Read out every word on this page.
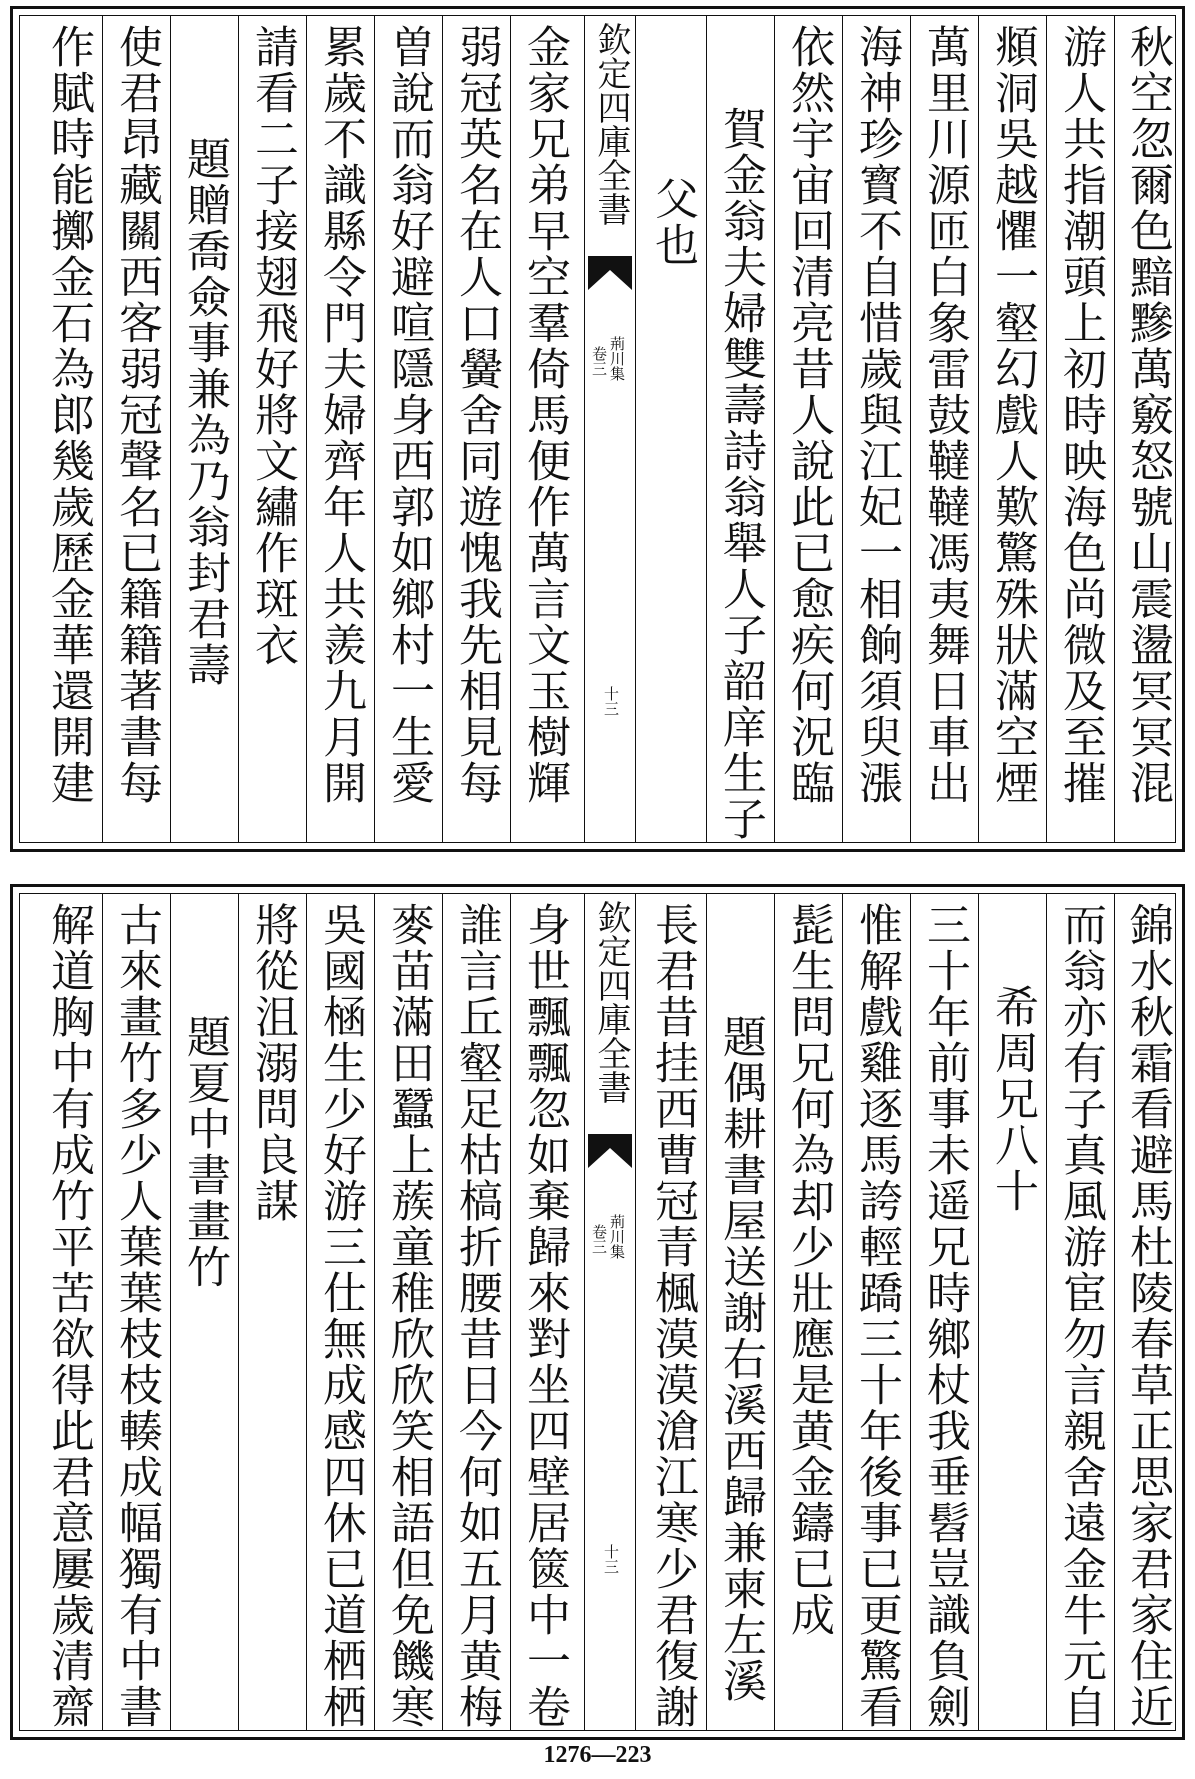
秋空忽爾色黯黲萬竅怒號山震盪冥冥混
游人共指潮頭上初時映海色尚微及至摧
頫洞吳越懼一壑幻戲人歎驚殊狀滿空煙
萬里川源匝白象雷鼓韃韃馮夷舞日車出
海神珍寳不自惜歲與江妃一相餉須臾漲
依然宇宙回清亮昔人說此已愈疾何況臨
賀金翁夫婦雙壽詩翁舉人子韶庠生子
父也
欽定四庫全書
荊川集
卷三
十三
金家兄弟早空羣倚馬便作萬言文玉樹輝
弱冠英名在人口黌舍同遊愧我先相見每
曽說而翁好避喧隱身西郭如鄉村一生愛
累歲不識縣令門夫婦齊年人共羨九月開
請看二子接翅飛好將文繡作斑衣
題贈喬僉事兼為乃翁封君壽
使君昂藏關西客弱冠聲名已籍籍著書每
作賦時能擲金石為郎幾歲歷金華還開建
錦水秋霜看避馬杜陵春草正思家君家住近
而翁亦有子真風游宦勿言親舍遠金牛元自
希周兄八十
三十年前事未遥兄時鄉杖我垂髫豈識負劍
惟解戲雞逐馬誇輕蹻三十年後事已更驚看
髭生問兄何為却少壯應是黄金鑄已成
題偶耕書屋送謝右溪西歸兼柬左溪
長君昔挂西曹冠青楓漠漠滄江寒少君復謝
欽定四庫全書
荊川集
卷三
十三
身世飄飄忽如棄歸來對坐四壁居篋中一卷
誰言丘壑足枯槁折腰昔日今何如五月黄梅
麥苗滿田蠶上蔟童稚欣欣笑相語但免饑寒
吳國㮀生少好游三仕無成感四休已道栖栖
將從沮溺問良謀
題夏中書畫竹
古來畫竹多少人葉葉枝枝輳成幅獨有中書
解道胸中有成竹平苦欲得此君意屢歲清齋
1276—223
